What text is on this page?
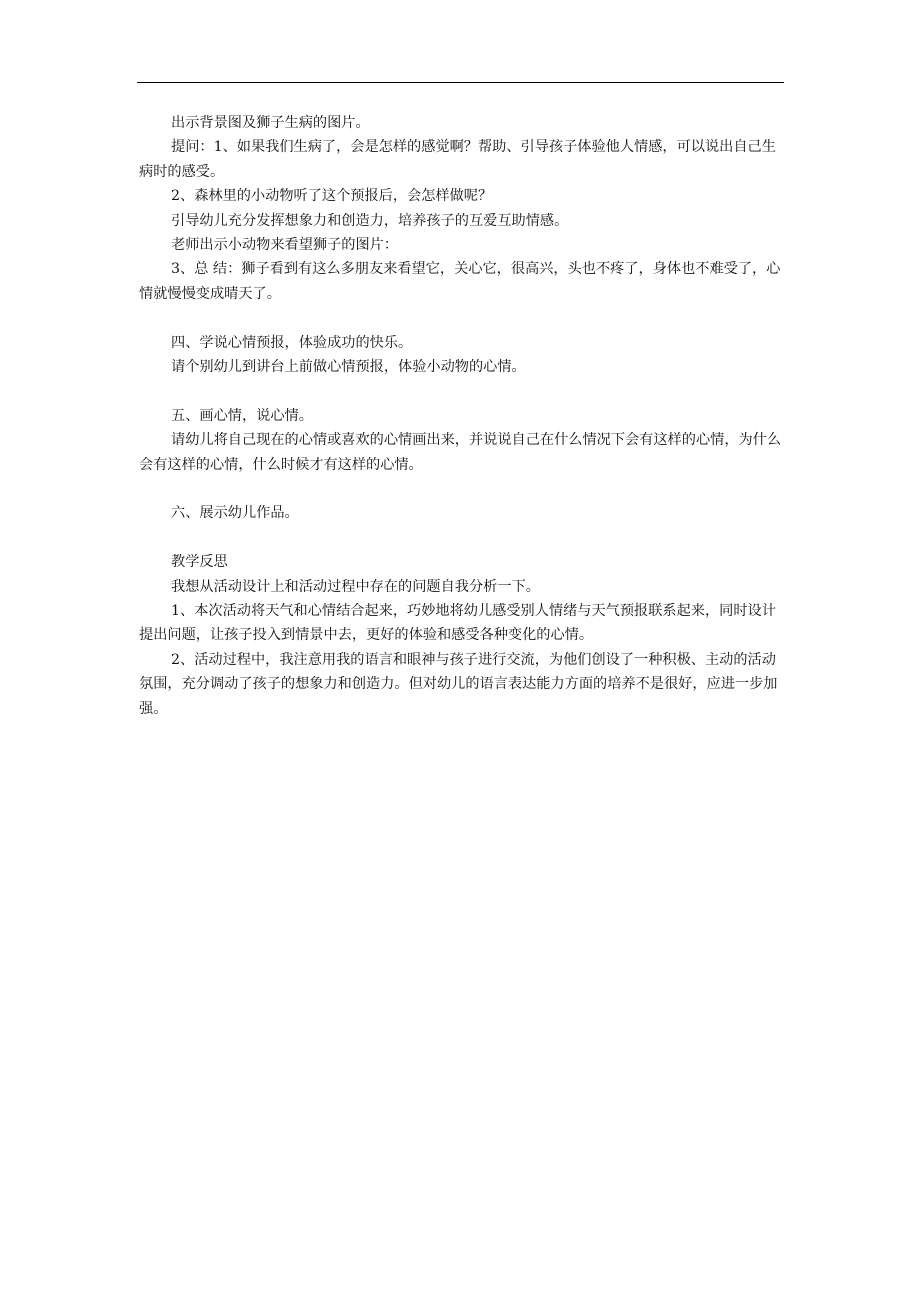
出示背景图及狮子生病的图片。

提问：1、如果我们生病了，会是怎样的感觉啊？帮助、引导孩子体验他人情感，可以说出自己生病时的感受。

2、森林里的小动物听了这个预报后，会怎样做呢？

引导幼儿充分发挥想象力和创造力，培养孩子的互爱互助情感。

老师出示小动物来看望狮子的图片：

3、总 结：狮子看到有这么多朋友来看望它，关心它，很高兴，头也不疼了，身体也不难受了，心情就慢慢变成晴天了。

四、学说心情预报，体验成功的快乐。

请个别幼儿到讲台上前做心情预报，体验小动物的心情。

五、画心情，说心情。

请幼儿将自己现在的心情或喜欢的心情画出来，并说说自己在什么情况下会有这样的心情，为什么会有这样的心情，什么时候才有这样的心情。

六、展示幼儿作品。

教学反思

我想从活动设计上和活动过程中存在的问题自我分析一下。

1、本次活动将天气和心情结合起来，巧妙地将幼儿感受别人情绪与天气预报联系起来，同时设计提出问题，让孩子投入到情景中去，更好的体验和感受各种变化的心情。

2、活动过程中，我注意用我的语言和眼神与孩子进行交流，为他们创设了一种积极、主动的活动氛围，充分调动了孩子的想象力和创造力。但对幼儿的语言表达能力方面的培养不是很好，应进一步加强。
